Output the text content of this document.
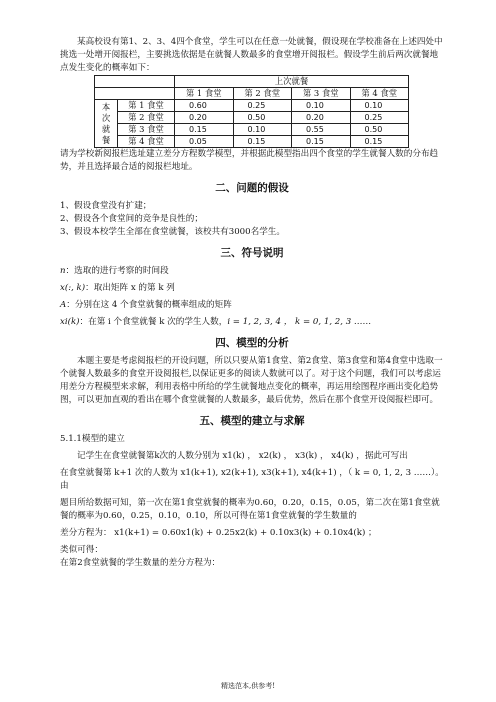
某高校设有第1、2、3、4四个食堂，学生可以在任意一处就餐，假设现在学校准备在上述四处中挑选一处增开阅报栏，主要挑选依据是在就餐人数最多的食堂增开阅报栏。假设学生前后两次就餐地点发生变化的概率如下：

		上次就餐			
		第 1 食堂	第 2 食堂	第 3 食堂	第 4 食堂
本
次
就
餐	第 1 食堂	0.60	0.25	0.10	0.10
	第 2 食堂	0.20	0.50	0.20	0.25
	第 3 食堂	0.15	0.10	0.55	0.50
	第 4 食堂	0.05	0.15	0.15	0.15

请为学校新阅报栏选址建立差分方程数学模型，并根据此模型指出四个食堂的学生就餐人数的分布趋势，并且选择最合适的阅报栏地址。

二、问题的假设

1、假设食堂没有扩建；

2、假设各个食堂间的竞争是良性的；

3、假设本校学生全部在食堂就餐，该校共有3000名学生。

三、符号说明

n：选取的进行考察的时间段

x(:, k)：取出矩阵 x 的第 k 列

A：分别在这 4 个食堂就餐的概率组成的矩阵

xi(k)：在第 i 个食堂就餐 k 次的学生人数，i = 1, 2, 3, 4 ， k = 0, 1, 2, 3 ……

四、模型的分析

本题主要是考虑阅报栏的开设问题，所以只要从第1食堂、第2食堂、第3食堂和第4食堂中选取一个就餐人数最多的食堂开设阅报栏,以保证更多的阅读人数就可以了。对于这个问题，我们可以考虑运用差分方程模型来求解，利用表格中所给的学生就餐地点变化的概率，再运用绘图程序画出变化趋势图，可以更加直观的看出在哪个食堂就餐的人数最多，最后优势，然后在那个食堂开设阅报栏即可。

五、模型的建立与求解

5.1.1模型的建立

记学生在食堂就餐第k次的人数分别为 x1(k) ， x2(k) ， x3(k) ， x4(k) ，据此可写出

在食堂就餐第 k+1 次的人数为 x1(k+1), x2(k+1), x3(k+1), x4(k+1) ，（ k = 0, 1, 2, 3 ……）。由

题目所给数据可知，第一次在第1食堂就餐的概率为0.60，0.20，0.15，0.05，第二次在第1食堂就餐的概率为0.60，0.25，0.10，0.10，所以可得在第1食堂就餐的学生数量的

差分方程为： x1(k+1) = 0.60x1(k) + 0.25x2(k) + 0.10x3(k) + 0.10x4(k) ；

类似可得：

在第2食堂就餐的学生数量的差分方程为：

精选范本,供参考!
